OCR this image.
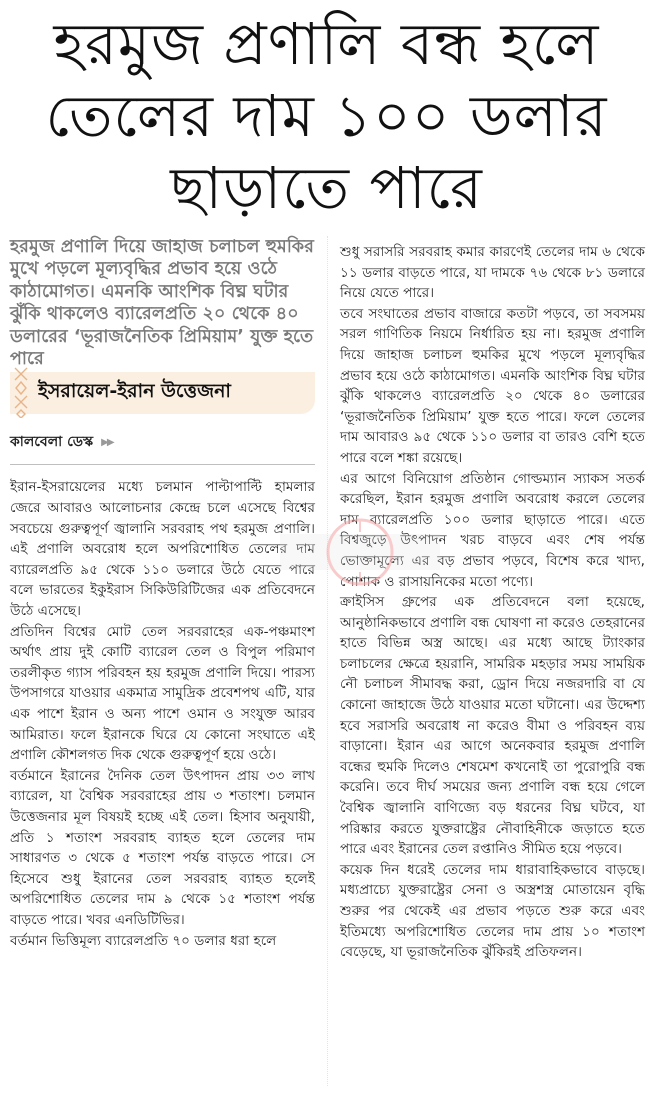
হরমুজ প্রণালি বন্ধ হলে
তেলের দাম ১০০ ডলার
ছাড়াতে পারে
হরমুজ প্রণালি দিয়ে জাহাজ চলাচল হুমকির মুখে পড়লে মূল্যবৃদ্ধির প্রভাব হয়ে ওঠে কাঠামোগত। এমনকি আংশিক বিঘ্ন ঘটার ঝুঁকি থাকলেও ব্যারেলপ্রতি ২০ থেকে ৪০ ডলারের ‘ভূরাজনৈতিক প্রিমিয়াম’ যুক্ত হতে পারে
ইসরায়েল-ইরান উত্তেজনা
কালবেলা ডেস্ক ▶▶

ইরান-ইসরায়েলের মধ্যে চলমান পাল্টাপাল্টি হামলার জেরে আবারও আলোচনার কেন্দ্রে চলে এসেছে বিশ্বের সবচেয়ে গুরুত্বপূর্ণ জ্বালানি সরবরাহ পথ হরমুজ প্রণালি। এই প্রণালি অবরোধ হলে অপরিশোধিত তেলের দাম ব্যারেলপ্রতি ৯৫ থেকে ১১০ ডলারে উঠে যেতে পারে বলে ভারতের ইকুইরাস সিকিউরিটিজের এক প্রতিবেদনে উঠে এসেছে।

প্রতিদিন বিশ্বের মোট তেল সরবরাহের এক-পঞ্চমাংশ অর্থাৎ প্রায় দুই কোটি ব্যারেল তেল ও বিপুল পরিমাণ তরলীকৃত গ্যাস পরিবহন হয় হরমুজ প্রণালি দিয়ে। পারস্য উপসাগরে যাওয়ার একমাত্র সামুদ্রিক প্রবেশপথ এটি, যার এক পাশে ইরান ও অন্য পাশে ওমান ও সংযুক্ত আরব আমিরাত। ফলে ইরানকে ঘিরে যে কোনো সংঘাতে এই প্রণালি কৌশলগত দিক থেকে গুরুত্বপূর্ণ হয়ে ওঠে।

বর্তমানে ইরানের দৈনিক তেল উৎপাদন প্রায় ৩৩ লাখ ব্যারেল, যা বৈশ্বিক সরবরাহের প্রায় ৩ শতাংশ। চলমান উত্তেজনার মূল বিষয়ই হচ্ছে এই তেল। হিসাব অনুযায়ী, প্রতি ১ শতাংশ সরবরাহ ব্যাহত হলে তেলের দাম সাধারণত ৩ থেকে ৫ শতাংশ পর্যন্ত বাড়তে পারে। সে হিসেবে শুধু ইরানের তেল সরবরাহ ব্যাহত হলেই অপরিশোধিত তেলের দাম ৯ থেকে ১৫ শতাংশ পর্যন্ত বাড়তে পারে। খবর এনডিটিভির।

বর্তমান ভিত্তিমূল্য ব্যারেলপ্রতি ৭০ ডলার ধরা হলে

শুধু সরাসরি সরবরাহ কমার কারণেই তেলের দাম ৬ থেকে ১১ ডলার বাড়তে পারে, যা দামকে ৭৬ থেকে ৮১ ডলারে নিয়ে যেতে পারে।

তবে সংঘাতের প্রভাব বাজারে কতটা পড়বে, তা সবসময় সরল গাণিতিক নিয়মে নির্ধারিত হয় না। হরমুজ প্রণালি দিয়ে জাহাজ চলাচল হুমকির মুখে পড়লে মূল্যবৃদ্ধির প্রভাব হয়ে ওঠে কাঠামোগত। এমনকি আংশিক বিঘ্ন ঘটার ঝুঁকি থাকলেও ব্যারেলপ্রতি ২০ থেকে ৪০ ডলারের ‘ভূরাজনৈতিক প্রিমিয়াম’ যুক্ত হতে পারে। ফলে তেলের দাম আবারও ৯৫ থেকে ১১০ ডলার বা তারও বেশি হতে পারে বলে শঙ্কা রয়েছে।

এর আগে বিনিয়োগ প্রতিষ্ঠান গোল্ডম্যান স্যাকস সতর্ক করেছিল, ইরান হরমুজ প্রণালি অবরোধ করলে তেলের দাম ব্যারেলপ্রতি ১০০ ডলার ছাড়াতে পারে। এতে বিশ্বজুড়ে উৎপাদন খরচ বাড়বে এবং শেষ পর্যন্ত ভোক্তামূল্যে এর বড় প্রভাব পড়বে, বিশেষ করে খাদ্য, পোশাক ও রাসায়নিকের মতো পণ্যে।

ক্রাইসিস গ্রুপের এক প্রতিবেদনে বলা হয়েছে, আনুষ্ঠানিকভাবে প্রণালি বন্ধ ঘোষণা না করেও তেহরানের হাতে বিভিন্ন অস্ত্র আছে। এর মধ্যে আছে ট্যাংকার চলাচলের ক্ষেত্রে হয়রানি, সামরিক মহড়ার সময় সাময়িক নৌ চলাচল সীমাবদ্ধ করা, ড্রোন দিয়ে নজরদারি বা যে কোনো জাহাজে উঠে যাওয়ার মতো ঘটানো। এর উদ্দেশ্য হবে সরাসরি অবরোধ না করেও বীমা ও পরিবহন ব্যয় বাড়ানো। ইরান এর আগে অনেকবার হরমুজ প্রণালি বন্ধের হুমকি দিলেও শেষমেশ কখনোই তা পুরোপুরি বন্ধ করেনি। তবে দীর্ঘ সময়ের জন্য প্রণালি বন্ধ হয়ে গেলে বৈশ্বিক জ্বালানি বাণিজ্যে বড় ধরনের বিঘ্ন ঘটবে, যা পরিষ্কার করতে যুক্তরাষ্ট্রের নৌবাহিনীকে জড়াতে হতে পারে এবং ইরানের তেল রপ্তানিও সীমিত হয়ে পড়বে।

কয়েক দিন ধরেই তেলের দাম ধারাবাহিকভাবে বাড়ছে। মধ্যপ্রাচ্যে যুক্তরাষ্ট্রের সেনা ও অস্ত্রশস্ত্র মোতায়েন বৃদ্ধি শুরুর পর থেকেই এর প্রভাব পড়তে শুরু করে এবং ইতিমধ্যে অপরিশোধিত তেলের দাম প্রায় ১০ শতাংশ বেড়েছে, যা ভূরাজনৈতিক ঝুঁকিরই প্রতিফলন।
